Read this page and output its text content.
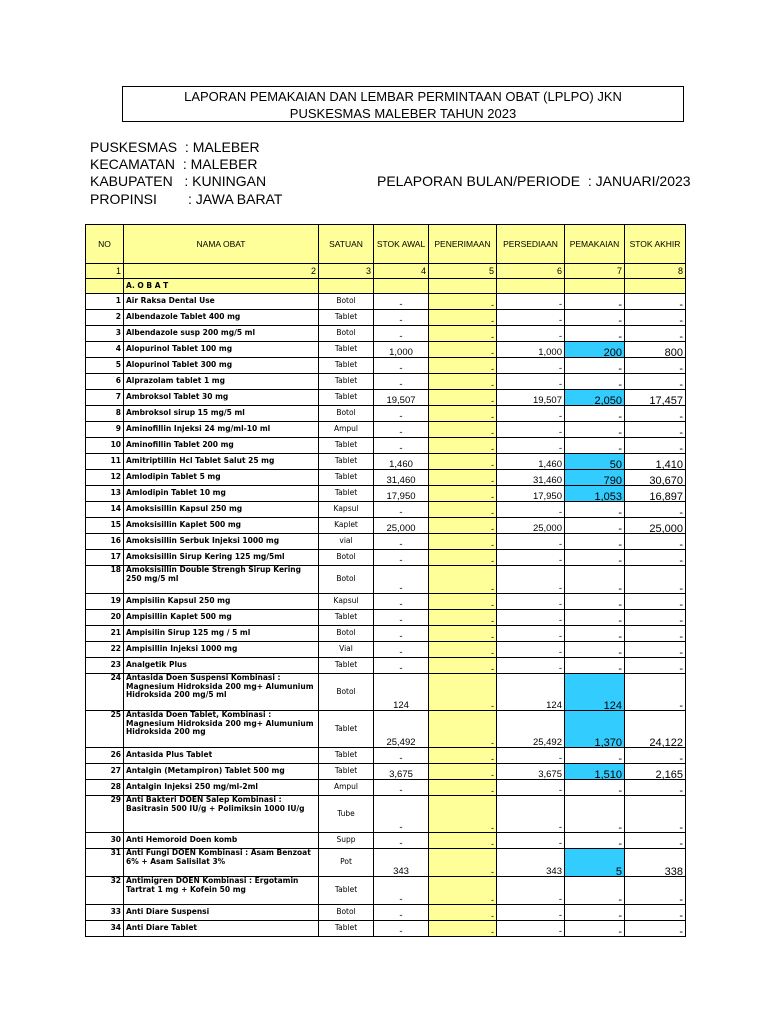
LAPORAN PEMAKAIAN DAN LEMBAR PERMINTAAN OBAT (LPLPO) JKN
PUSKESMAS MALEBER TAHUN 2023
PUSKESMAS  : MALEBER
KECAMATAN  : MALEBER
KABUPATEN   : KUNINGAN
PROPINSI        : JAWA BARAT
PELAPORAN BULAN/PERIODE  : JANUARI/2023
NO	NAMA OBAT	SATUAN	STOK AWAL	PENERIMAAN	PERSEDIAAN	PEMAKAIAN	STOK AKHIR
1	2	3	4	5	6	7	8
	A. O B A T						
1	Air Raksa Dental Use	Botol	-	-	-	-	-
2	Albendazole Tablet 400 mg	Tablet	-	-	-	-	-
3	Albendazole susp 200 mg/5 ml	Botol	-	-	-	-	-
4	Alopurinol Tablet 100 mg	Tablet	1,000	-	1,000	200	800
5	Alopurinol Tablet 300 mg	Tablet	-	-	-	-	-
6	Alprazolam tablet 1 mg	Tablet	-	-	-	-	-
7	Ambroksol Tablet 30 mg	Tablet	19,507	-	19,507	2,050	17,457
8	Ambroksol sirup 15 mg/5 ml	Botol	-	-	-	-	-
9	Aminofillin Injeksi 24 mg/ml-10 ml	Ampul	-	-	-	-	-
10	Aminofillin Tablet 200 mg	Tablet	-	-	-	-	-
11	Amitriptillin Hcl Tablet Salut 25 mg	Tablet	1,460	-	1,460	50	1,410
12	Amlodipin Tablet 5 mg	Tablet	31,460	-	31,460	790	30,670
13	Amlodipin Tablet 10 mg	Tablet	17,950	-	17,950	1,053	16,897
14	Amoksisillin Kapsul 250 mg	Kapsul	-	-	-	-	-
15	Amoksisillin Kaplet 500 mg	Kaplet	25,000	-	25,000	-	25,000
16	Amoksisillin Serbuk Injeksi 1000 mg	vial	-	-	-	-	-
17	Amoksisillin Sirup Kering 125 mg/5ml	Botol	-	-	-	-	-
18	Amoksisillin Double Strengh Sirup Kering 250 mg/5 ml	Botol	-	-	-	-	-
19	Ampisilin Kapsul 250 mg	Kapsul	-	-	-	-	-
20	Ampisillin Kaplet 500 mg	Tablet	-	-	-	-	-
21	Ampisilin Sirup 125 mg / 5 ml	Botol	-	-	-	-	-
22	Ampisillin Injeksi 1000 mg	Vial	-	-	-	-	-
23	Analgetik Plus	Tablet	-	-	-	-	-
24	Antasida Doen Suspensi Kombinasi : Magnesium Hidroksida 200 mg+ Alumunium Hidroksida 200 mg/5 ml	Botol	124	-	124	124	-
25	Antasida Doen Tablet, Kombinasi : Magnesium Hidroksida 200 mg+ Alumunium Hidroksida 200 mg	Tablet	25,492	-	25,492	1,370	24,122
26	Antasida Plus Tablet	Tablet	-	-	-	-	-
27	Antalgin (Metampiron) Tablet 500 mg	Tablet	3,675	-	3,675	1,510	2,165
28	Antalgin Injeksi 250 mg/ml-2ml	Ampul	-	-	-	-	-
29	Anti Bakteri DOEN Salep Kombinasi : Basitrasin 500 IU/g + Polimiksin 1000 IU/g	Tube	-	-	-	-	-
30	Anti Hemoroid Doen komb	Supp	-	-	-	-	-
31	Anti Fungi DOEN Kombinasi : Asam Benzoat 6% + Asam Salisilat 3%	Pot	343	-	343	5	338
32	Antimigren DOEN Kombinasi : Ergotamin Tartrat 1 mg + Kofein 50 mg	Tablet	-	-	-	-	-
33	Anti Diare Suspensi	Botol	-	-	-	-	-
34	Anti Diare Tablet	Tablet	-	-	-	-	-
